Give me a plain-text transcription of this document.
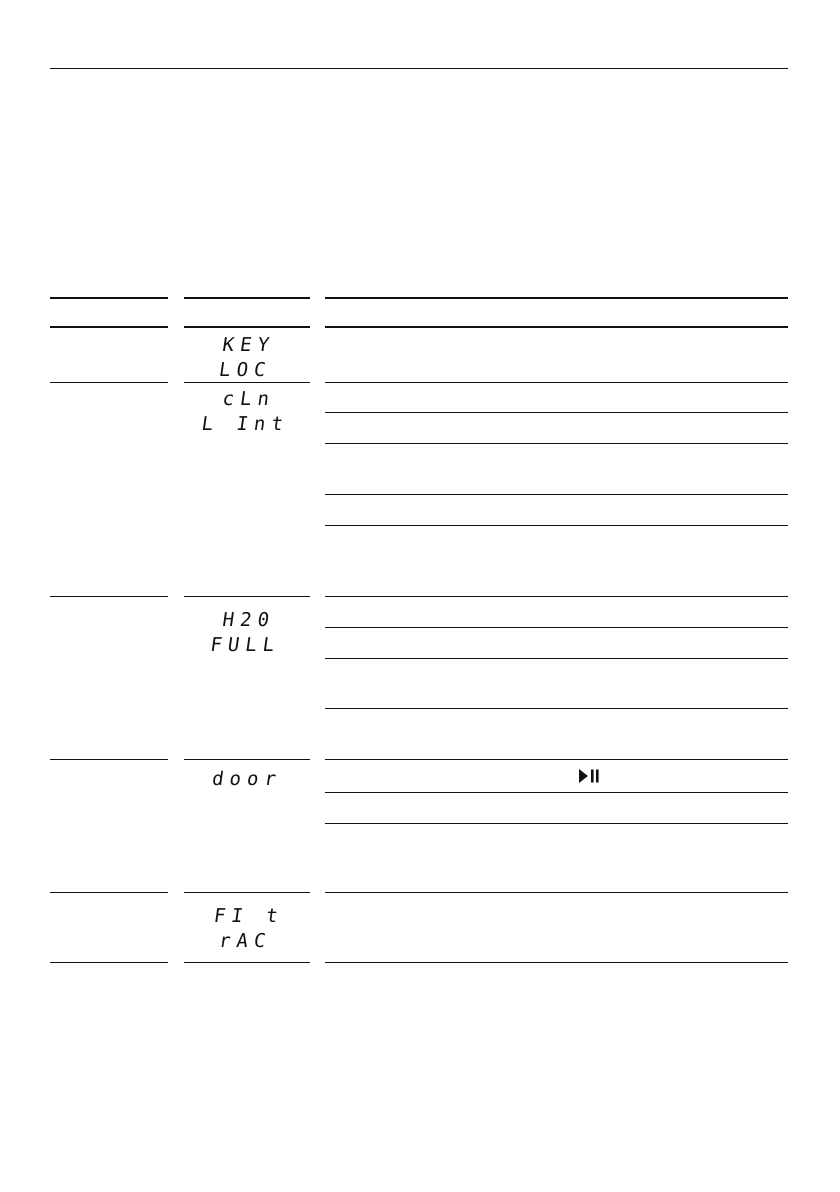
KEY
LOC
cLn
L Int
H20
FULL
door
FI t
rAC
